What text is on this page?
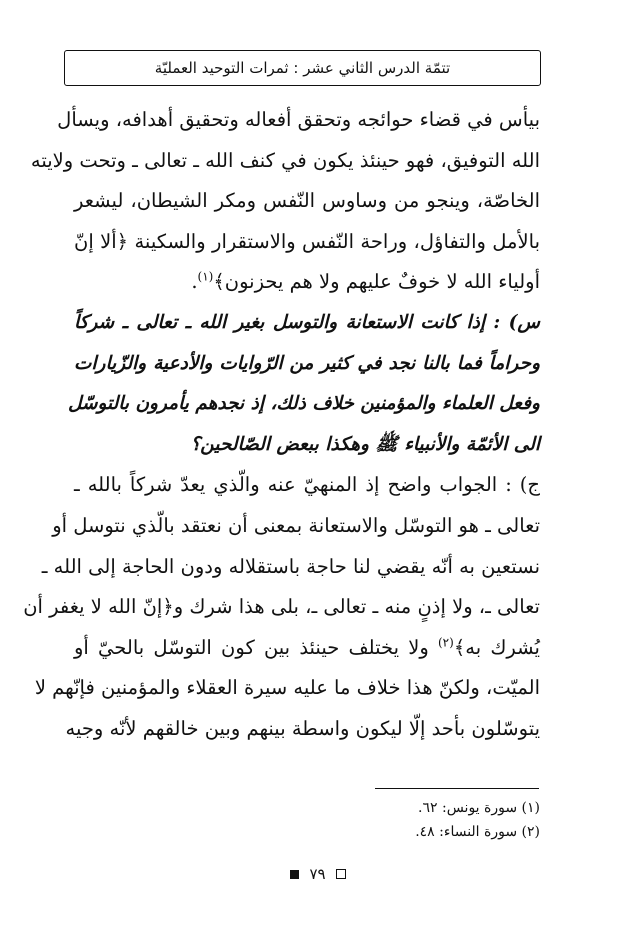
تتمّة الدرس الثاني عشر : ثمرات التوحيد العمليّة
بيأس في قضاء حوائجه وتحقق أفعاله وتحقيق أهدافه، ويسأل
الله التوفيق، فهو حينئذ يكون في كنف الله ـ تعالى ـ وتحت ولايته
الخاصّة، وينجو من وساوس النّفس ومكر الشيطان، ليشعر
بالأمل والتفاؤل، وراحة النّفس والاستقرار والسكينة ﴿ألا إنّ
أولياء الله لا خوفٌ عليهم ولا هم يحزنون﴾$^{(١)}$.
س) : إذا كانت الاستعانة والتوسل بغير الله ـ تعالى ـ شركاً
وحراماً فما بالنا نجد في كثير من الرّوايات والأدعية والزّيارات
وفعل العلماء والمؤمنين خلاف ذلك، إذ نجدهم يأمرون بالتوسّل
الى الأئمّة والأنبياء ﷺ وهكذا ببعض الصّالحين؟
ج) : الجواب واضح إذ المنهيّ عنه والّذي يعدّ شركاً بالله ـ
تعالى ـ هو التوسّل والاستعانة بمعنى أن نعتقد بالّذي نتوسل أو
نستعين به أنّه يقضي لنا حاجة باستقلاله ودون الحاجة إلى الله ـ
تعالى ـ، ولا إذنٍ منه ـ تعالى ـ، بلى هذا شرك و﴿إنّ الله لا يغفر أن
يُشرك به﴾$^{(٢)}$ ولا يختلف حينئذ بين كون التوسّل بالحيّ أو
الميّت، ولكنّ هذا خلاف ما عليه سيرة العقلاء والمؤمنين فإنّهم لا
يتوسّلون بأحد إلّا ليكون واسطة بينهم وبين خالقهم لأنّه وجيه
(١) سورة يونس: ٦٢.
(٢) سورة النساء: ٤٨.
٧٩
